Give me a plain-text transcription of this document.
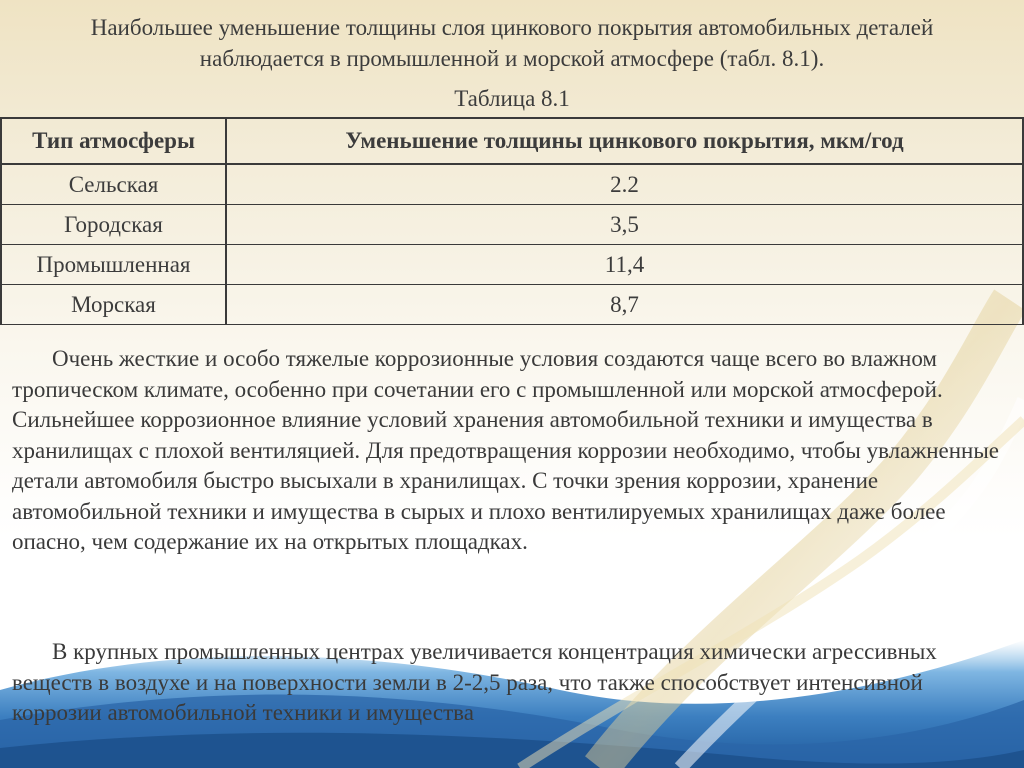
Наибольшее уменьшение толщины слоя цинкового покрытия автомобильных деталей наблюдается в промышленной и морской атмосфере (табл. 8.1).
Таблица 8.1
Тип атмосферы	Уменьшение толщины цинкового покрытия, мкм/год
Сельская	2.2
Городская	3,5
Промышленная	11,4
Морская	8,7

Очень жесткие и особо тяжелые коррозионные условия создаются чаще всего во влажном тропическом климате, особенно при сочетании его с промышленной или морской атмосферой. Сильнейшее коррозионное влияние условий хранения автомобильной техники и имущества в хранилищах с плохой вентиляцией. Для предотвращения коррозии необходимо, чтобы увлажненные детали автомобиля быстро высыхали в хранилищах. С точки зрения коррозии, хранение автомобильной техники и имущества в сырых и плохо вентилируемых хранилищах даже более опасно, чем содержание их на открытых площадках.

В крупных промышленных центрах увеличивается концентрация химически агрессивных веществ в воздухе и на поверхности земли в 2-2,5 раза, что также способствует интенсивной коррозии автомобильной техники и имущества
